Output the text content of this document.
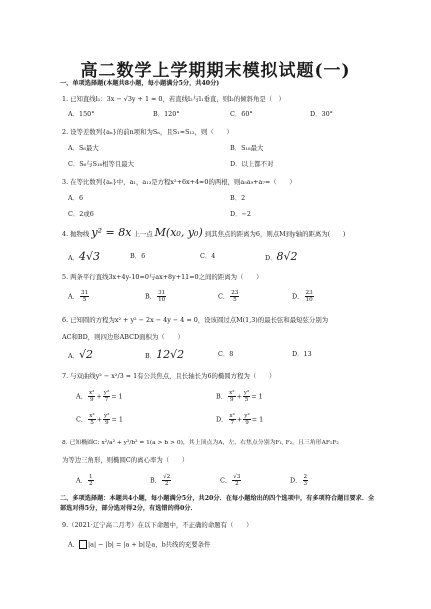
高二数学上学期期末模拟试题(一)
一、单项选择题(本题共8小题，每小题满分5分，共40分)
1. 已知直线l₁：3x − √3y + 1 = 0，若直线l₂与l₁垂直，则l₂的倾斜角是（　）
A．150°	B．120°	C．60°	D．30°
2. 设等差数列{aₙ}的前n项和为Sₙ，且S₁=S₁₂，则（　　）
A．S₆最大	B．S₁₈最大
C．S₆与S₁₈相等且最大	D．以上都不对
3. 在等比数列{aₙ}中，a₁，a₁₃是方程x²+6x+4=0的两根，则a₅a₉+a₇=（　　）
A．6	B．2
C．2或6	D．−2
4. 抛物线 y² = 8x 上一点 M(x₀, y₀) 到其焦点的距离为6，则点M到y轴的距离为(　　)
A．4√3	B．6	C．4	D．8√2
5. 两条平行直线3x+4y-10=0与ax+8y+11=0之间的距离为（　　）
A． $\frac{31}{5}$	B． $\frac{31}{10}$	C． $\frac{23}{5}$	D． $\frac{23}{10}$
6. 已知圆的方程为x² + y² − 2x − 4y − 4 = 0，设该圆过点M(1,3)的最长弦和最短弦分别为
AC和BD，则四边形ABCD面积为（　　）
A．√2	B．12√2	C．8	D．13
7. 与双曲线y² − x²/3 = 1有公共焦点，且长轴长为6的椭圆方程为（　　）
A． $\frac{\text{x²}}{9} + \frac{\text{y²}}{7} = 1$	B． $\frac{\text{x²}}{9} + \frac{\text{y²}}{5} = 1$
C． $\frac{\text{x²}}{5} + \frac{\text{y²}}{9} = 1$	D． $\frac{\text{x²}}{7} + \frac{\text{y²}}{9} = 1$
8. 已知椭圆C: x²/a² + y²/b² = 1(a > b > 0)，其上顶点为A，左、右焦点分别为F₁, F₂，且三角形AF₁F₂
为等边三角形，则椭圆C的离心率为（　　）
A． $\frac{1}{2}$	B． $\frac{√2}{2}$	C． $\frac{√3}{2}$	D． $\frac{2}{3}$
二、多项选择题：本题共4小题，每小题满分5分，共20分．在每小题给出的四个选项中，有多项符合题目要求．全部选对得5分，部分选对得2分，有选错的得0分．
9.（2021·辽宁高二月考）在以下命题中，不正确的命题有（　　）
A． |a| − |b| = |a + b|是a，b共线的充要条件
